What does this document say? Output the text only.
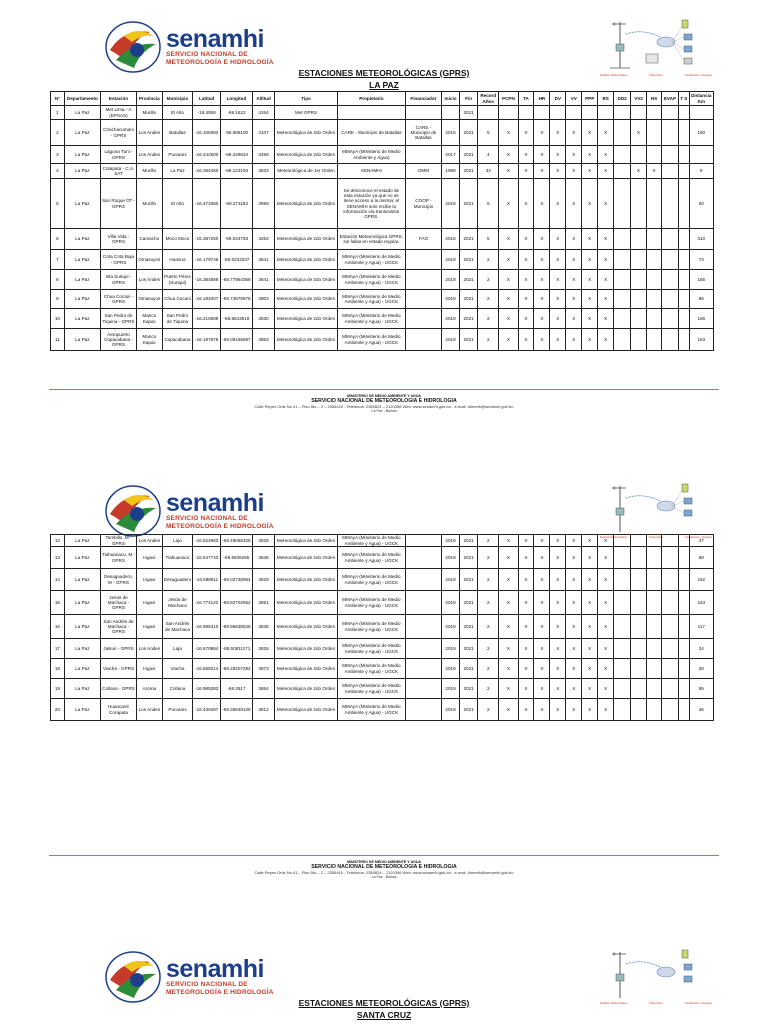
senamhi
SERVICIO NACIONAL DE
METEOROLOGÍA E HIDROLOGÍA
Estación Meteorológica	Transmisión	Visualización y Registro
ESTACIONES METEOROLÓGICAS (GPRS)
LA PAZ
N°	Departamento	Estación	Provincia	Municipio	Latitud	Longitud	Altitud	Tipo	Propietario	Financiador	Inicio	Fin	Record Años	PCPN	TA	HR	DV	VV	PPP	RS	DD2	VV2	HS	EVAP	T S	Distancia Km
1	La Paz	Met Lima - A (EPSAS)	Murillo	El Alto	-16.4556	-68.1622	4264	Met GPRS				2021														
2	La Paz	Chachacomani - GPRS	Los Andes	Batallas	-16.108383	-68.588100	4107	Meteorológica de 2do Orden	CARE - Municipio de Batallas	CARE - Municipio de Batallas	2016	2021	5	X	X	X	X	X	X	X		X				160
3	La Paz	Laguna Tuni - GPRS	Los Andes	Pucarani	-16.242500	-68.228634	4458	Meteorológica de 2do Orden	MMAyA (Ministerio de Medio Ambiente y Agua)		2017	2021	4	X	X	X	X	X	X	X						
4	La Paz	Cotapata - C.A. SAT	Murillo	La Paz	-16.384450	-68.123193	3833	Meteorológica de 1er Orden	SENAMHI	OMM	1988	2021	33	X	X	X	X	X	X	X		X	X			8
5	La Paz	San Roque DT - GPRS	Murillo	El Alto	-16.473360	-68.271193	3989	Meteorológica de 2do Orden	Se desconoce el estado de esta estación ya que no se tiene acceso a la misma; el SENAMHI solo recibe la información vía transmisión GPRS.	COOP - Municipio	2016	2021	5	X	X	X	X	X	X	X						60
6	La Paz	Villa Vida - GPRS	Camacho	Moco Moco	-15.387260	-69.044793	4264	Meteorológica de 2do Orden	Estación Meteorológica GPRS, sin fallas en estado regular.	FAO	2016	2021	5	X	X	X	X	X	X	X						310
7	La Paz	Cota Cota Baja - GPRS	Omasuyos	Huarina	-16.179745	-68.6233337	3841	Meteorológica de 2do Orden	MMAyA (Ministerio de Medio Ambiente y Agua) - UGCK		2019	2021	2	X	X	X	X	X	X	X						73
8	La Paz	Isla Suriqui - GPRS	Los Andes	Puerto Pérez (Suriqui)	-16.384888	-68.77964368	3841	Meteorológica de 2do Orden	MMAyA (Ministerio de Medio Ambiente y Agua) - UGCK		2019	2021	2	X	X	X	X	X	X	X						165
9	La Paz	Chua Cocani - GPRS	Omasuyos	Chua Cocani	-16.184007	-68.74870678	3803	Meteorológica de 2do Orden	MMAyA (Ministerio de Medio Ambiente y Agua) - UGCK		2019	2021	2	X	X	X	X	X	X	X						86
10	La Paz	San Pedro de Tiquina - GPRS	Manco Kapac	San Pedro de Tiquina	-16.216689	-68.8543619	3830	Meteorológica de 2do Orden	MMAyA (Ministerio de Medio Ambiente y Agua) - UGCK		2019	2021	2	X	X	X	X	X	X	X						166
11	La Paz	Aeropuerto Copacabana - GPRS	Manco Kapac	Copacabana	-16.187878	-69.09166687	3853	Meteorológica de 2do Orden	MMAyA (Ministerio de Medio Ambiente y Agua) - UGCK		2019	2021	2	X	X	X	X	X	X	X						163
MINISTERIO DE MEDIO AMBIENTE Y AGUA
SERVICIO NACIONAL DE METEOROLOGIA E HIDROLOGIA
Calle Reyes Ortiz No 41 – Piso 5to – 2 – 2355410 - Teléfonos: 2355824 – 2120356 Web: www.senamhi.gob.bo - e-mail: dirmeth@senamhi.gob.bo
La Paz - Bolivia
senamhi
SERVICIO NACIONAL DE
METEOROLOGÍA E HIDROLOGÍA
Estación Meteorológica	Transmisión	Visualización y Registro
12	La Paz	Tambillo, M - GPRS	Los Andes	Laja	-16.524983	-68.49086328	3829	Meteorológica de 2do Orden	MMAyA (Ministerio de Medio Ambiente y Agua) - UGCK		2019	2021	2	X	X	X	X	X	X	X						47
13	La Paz	Tiahuanacu, M - GPRS	Ingavi	Tiahuanacu	-16.547743	-68.6836255	3848	Meteorológica de 2do Orden	MMAyA (Ministerio de Medio Ambiente y Agua) - UGCK		2019	2021	2	X	X	X	X	X	X	X						69
14	La Paz	Desaguadero, M - GPRS	Ingavi	Desaguadero	-16.588811	-69.03730854	3829	Meteorológica de 2do Orden	MMAyA (Ministerio de Medio Ambiente y Agua) - UGCK		2019	2021	2	X	X	X	X	X	X	X						162
15	La Paz	Jesús de Machaca - GPRS	Ingavi	Jesús de Machaca	-16.774122	-68.82702552	3851	Meteorológica de 2do Orden	MMAyA (Ministerio de Medio Ambiente y Agua) - UGCK		2019	2021	2	X	X	X	X	X	X	X						163
16	La Paz	San Andrés de Machaca - GPRS	Ingavi	San Andrés de Machaca	-16.985310	-68.96838528	3838	Meteorológica de 2do Orden	MMAyA (Ministerio de Medio Ambiente y Agua) - UGCK		2019	2021	2	X	X	X	X	X	X	X						117
17	La Paz	Jalsuri - GPRS	Los Andes	Laja	-16.670864	-68.50811171	3826	Meteorológica de 2do Orden	MMAyA (Ministerio de Medio Ambiente y Agua) - UGCK		2019	2021	2	X	X	X	X	X	X	X						34
18	La Paz	Viacha - GPRS	Ingavi	Viacha	-16.658214	-68.28207282	3873	Meteorológica de 2do Orden	MMAyA (Ministerio de Medio Ambiente y Agua) - UGCK		2019	2021	2	X	X	X	X	X	X	X						30
19	La Paz	Collana - GPRS	Aroma	Collana	-16.985383	-68.2817	3854	Meteorológica de 2do Orden	MMAyA (Ministerio de Medio Ambiente y Agua) - UGCK		2019	2021	2	X	X	X	X	X	X	X						55
20	La Paz	Huancané Corapata	Los Andes	Pucarani	-16.430467	-68.35848128	3812	Meteorológica de 2do Orden	MMAyA (Ministerio de Medio Ambiente y Agua) - UGCK		2019	2021	2	X	X	X	X	X	X	X						45
MINISTERIO DE MEDIO AMBIENTE Y AGUA
SERVICIO NACIONAL DE METEOROLOGIA E HIDROLOGIA
Calle Reyes Ortiz No 41 – Piso 5to – 2 – 2355410 - Teléfonos: 2355824 – 2120356 Web: www.senamhi.gob.bo - e-mail: dirmeth@senamhi.gob.bo
La Paz - Bolivia
senamhi
SERVICIO NACIONAL DE
METEOROLOGÍA E HIDROLOGÍA
Estación Meteorológica	Transmisión	Visualización y Registro
ESTACIONES METEOROLÓGICAS (GPRS)
SANTA CRUZ
